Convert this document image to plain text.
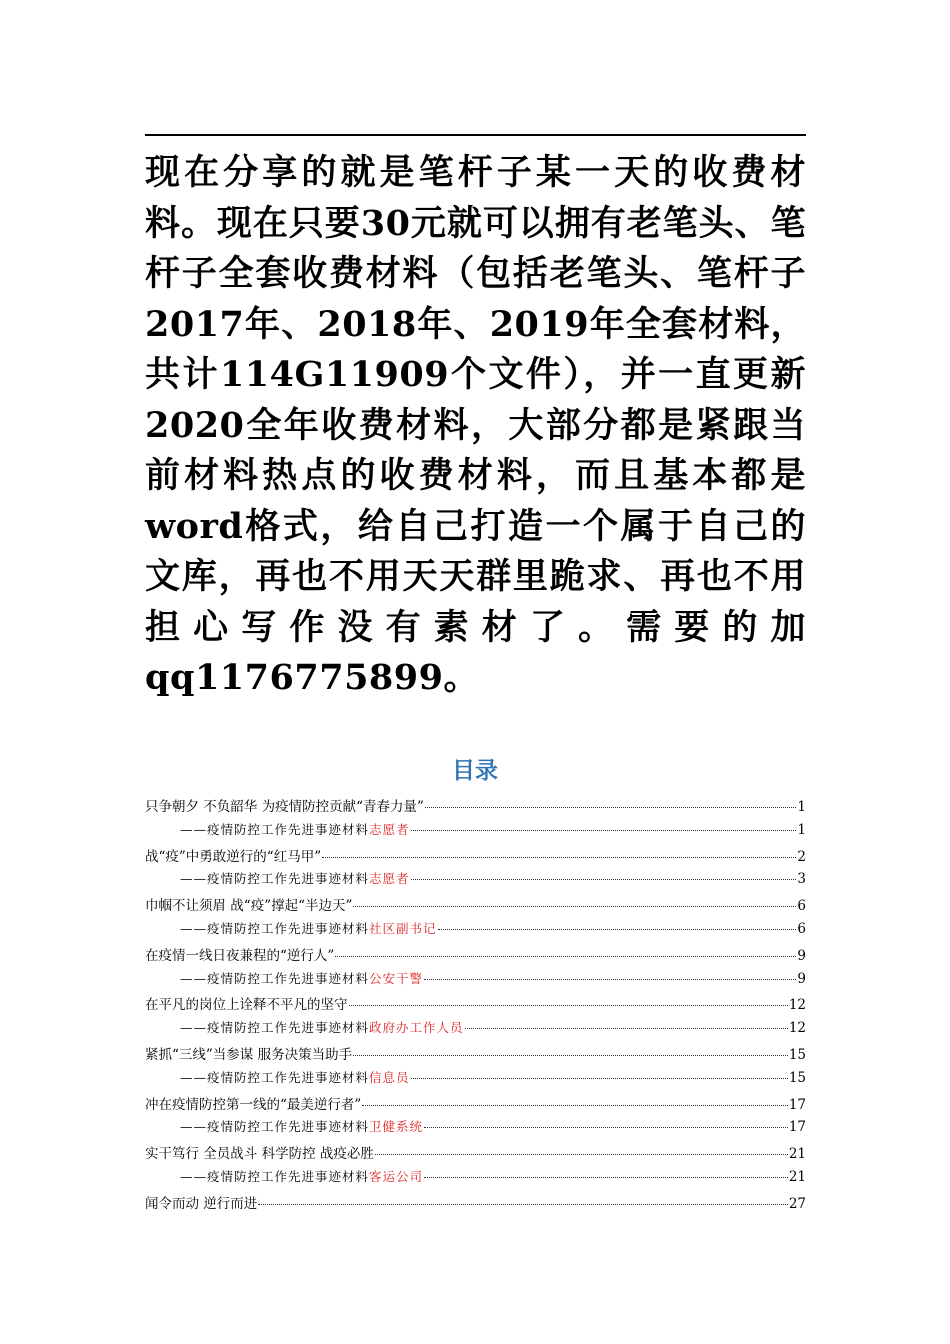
现在分享的就是笔杆子某一天的收费材料。现在只要30元就可以拥有老笔头、笔杆子全套收费材料（包括老笔头、笔杆子2017年、2018年、2019年全套材料，共计114G11909个文件），并一直更新2020全年收费材料，大部分都是紧跟当前材料热点的收费材料，而且基本都是word格式，给自己打造一个属于自己的文库，再也不用天天群里跪求、再也不用担心写作没有素材了。需要的加qq1176775899。
目录
只争朝夕 不负韶华 为疫情防控贡献“青春力量”	1
——疫情防控工作先进事迹材料志愿者	1
战“疫”中勇敢逆行的“红马甲”	2
——疫情防控工作先进事迹材料志愿者	3
巾帼不让须眉 战“疫”撑起“半边天”	6
——疫情防控工作先进事迹材料社区副书记	6
在疫情一线日夜兼程的“逆行人”	9
——疫情防控工作先进事迹材料公安干警	9
在平凡的岗位上诠释不平凡的坚守	12
——疫情防控工作先进事迹材料政府办工作人员	12
紧抓“三线”当参谋 服务决策当助手	15
——疫情防控工作先进事迹材料信息员	15
冲在疫情防控第一线的“最美逆行者”	17
——疫情防控工作先进事迹材料卫健系统	17
实干笃行 全员战斗 科学防控 战疫必胜	21
——疫情防控工作先进事迹材料客运公司	21
闻令而动 逆行而进	27
